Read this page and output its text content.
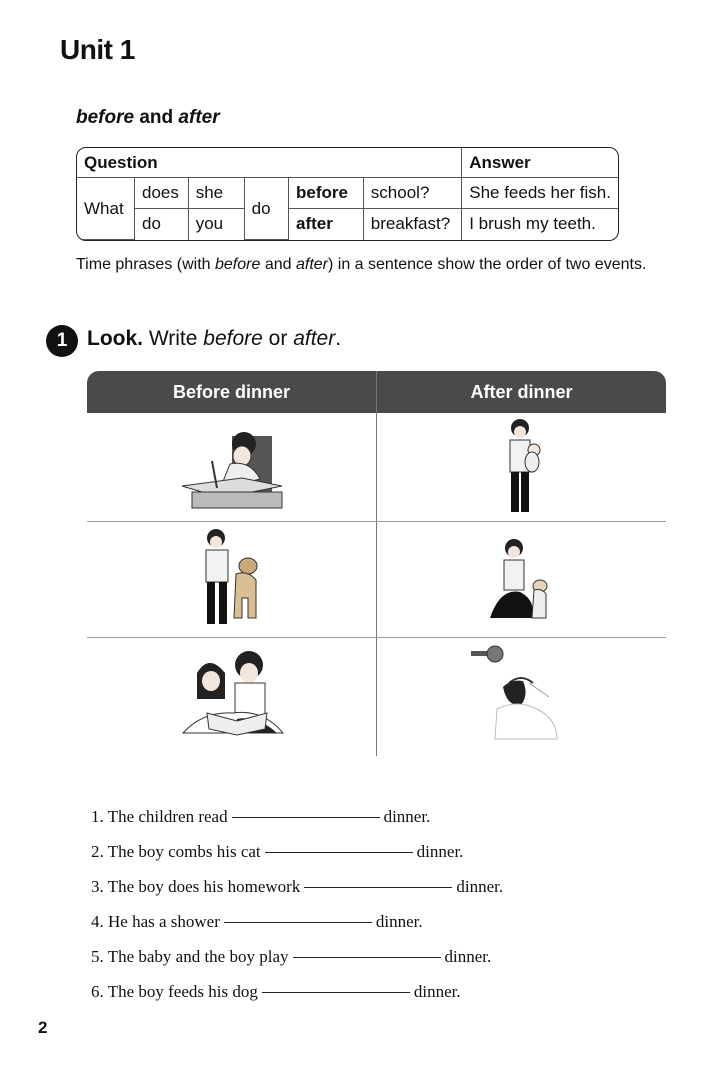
Unit 1
before and after
Question						Answer
What	does	she	do	before	school?	She feeds her fish.
	do	you		after	breakfast?	I brush my teeth.
Time phrases (with before and after) in a sentence show the order of two events.
1 Look. Write before or after.
Before dinner	After dinner
1. The children read	dinner.
2. The boy combs his cat	dinner.
3. The boy does his homework	dinner.
4. He has a shower	dinner.
5. The baby and the boy play	dinner.
6. The boy feeds his dog	dinner.
2
